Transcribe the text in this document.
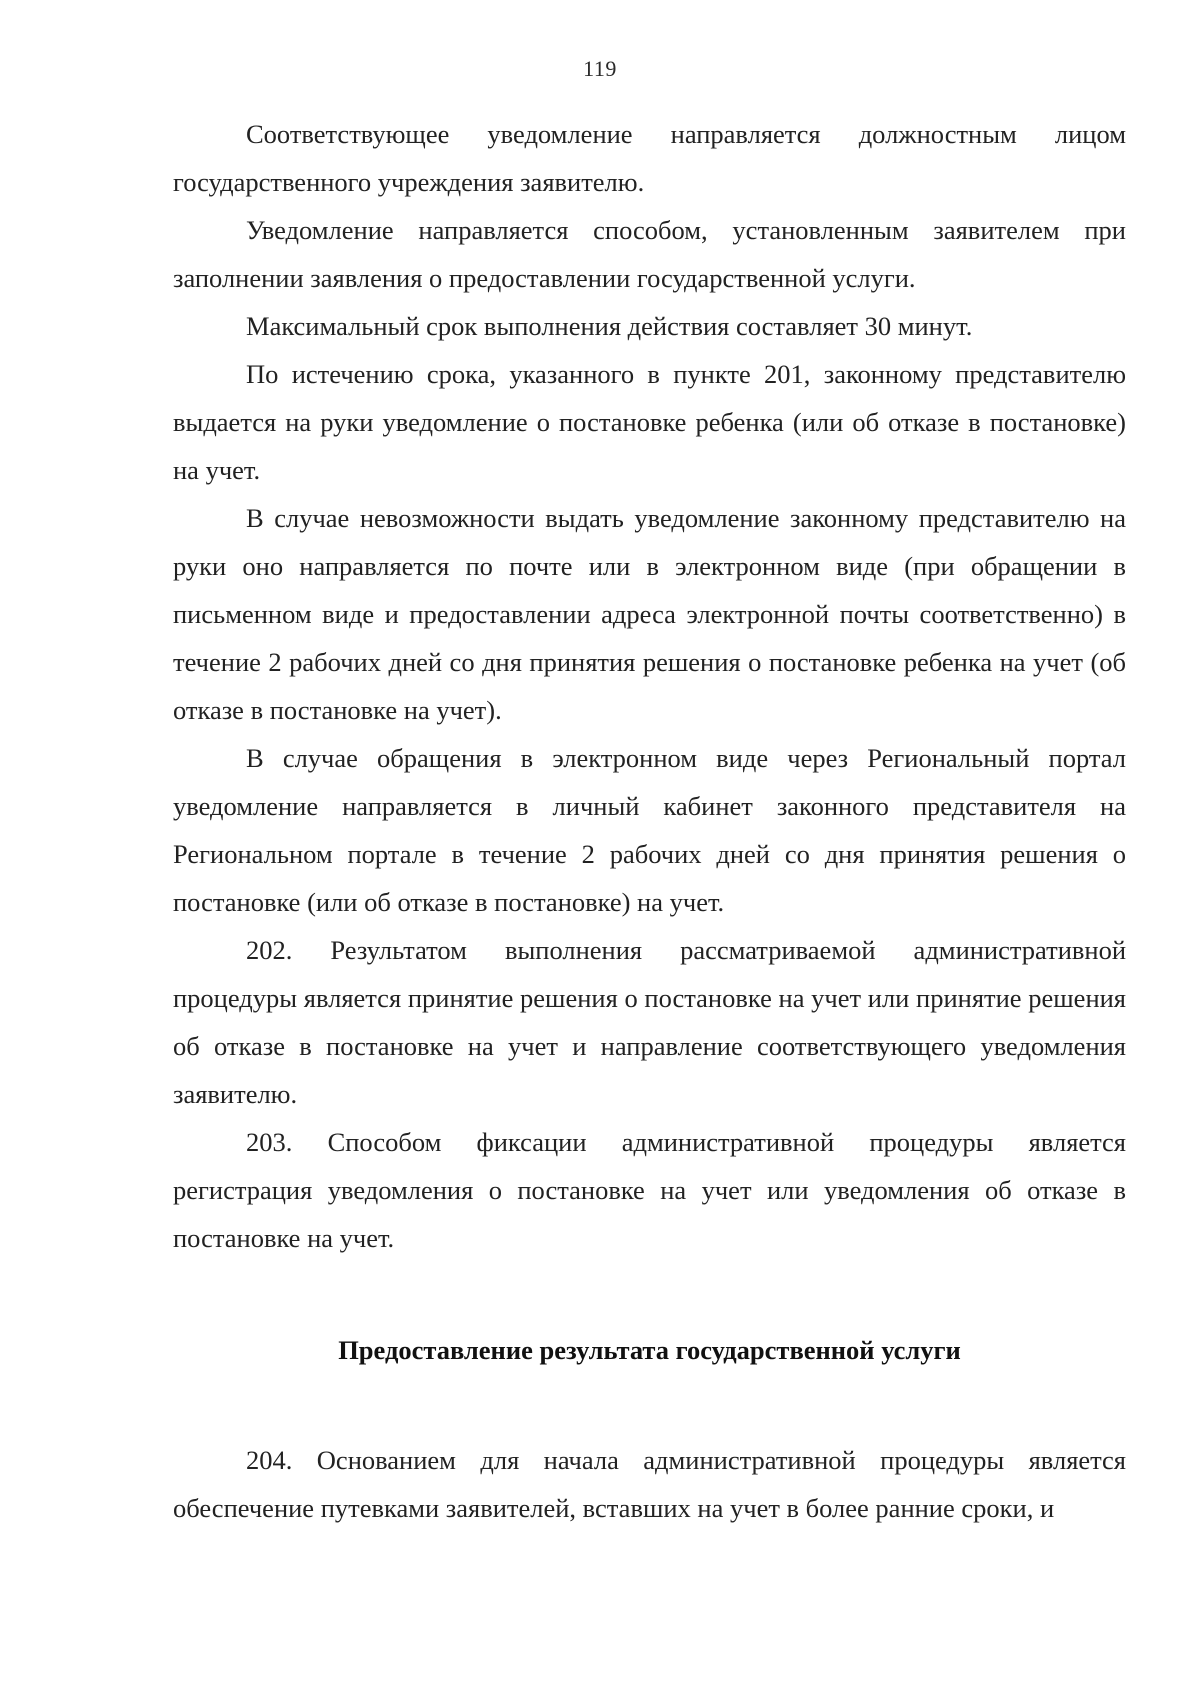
119

Соответствующее уведомление направляется должностным лицом государственного учреждения заявителю.

Уведомление направляется способом, установленным заявителем при заполнении заявления о предоставлении государственной услуги.

Максимальный срок выполнения действия составляет 30 минут.

По истечению срока, указанного в пункте 201, законному представителю выдается на руки уведомление о постановке ребенка (или об отказе в постановке) на учет.

В случае невозможности выдать уведомление законному представителю на руки оно направляется по почте или в электронном виде (при обращении в письменном виде и предоставлении адреса электронной почты соответственно) в течение 2 рабочих дней со дня принятия решения о постановке ребенка на учет (об отказе в постановке на учет).

В случае обращения в электронном виде через Региональный портал уведомление направляется в личный кабинет законного представителя на Региональном портале в течение 2 рабочих дней со дня принятия решения о постановке (или об отказе в постановке) на учет.

202. Результатом выполнения рассматриваемой административной процедуры является принятие решения о постановке на учет или принятие решения об отказе в постановке на учет и направление соответствующего уведомления заявителю.

203. Способом фиксации административной процедуры является регистрация уведомления о постановке на учет или уведомления об отказе в постановке на учет.

Предоставление результата государственной услуги

204. Основанием для начала административной процедуры является обеспечение путевками заявителей, вставших на учет в более ранние сроки, и
